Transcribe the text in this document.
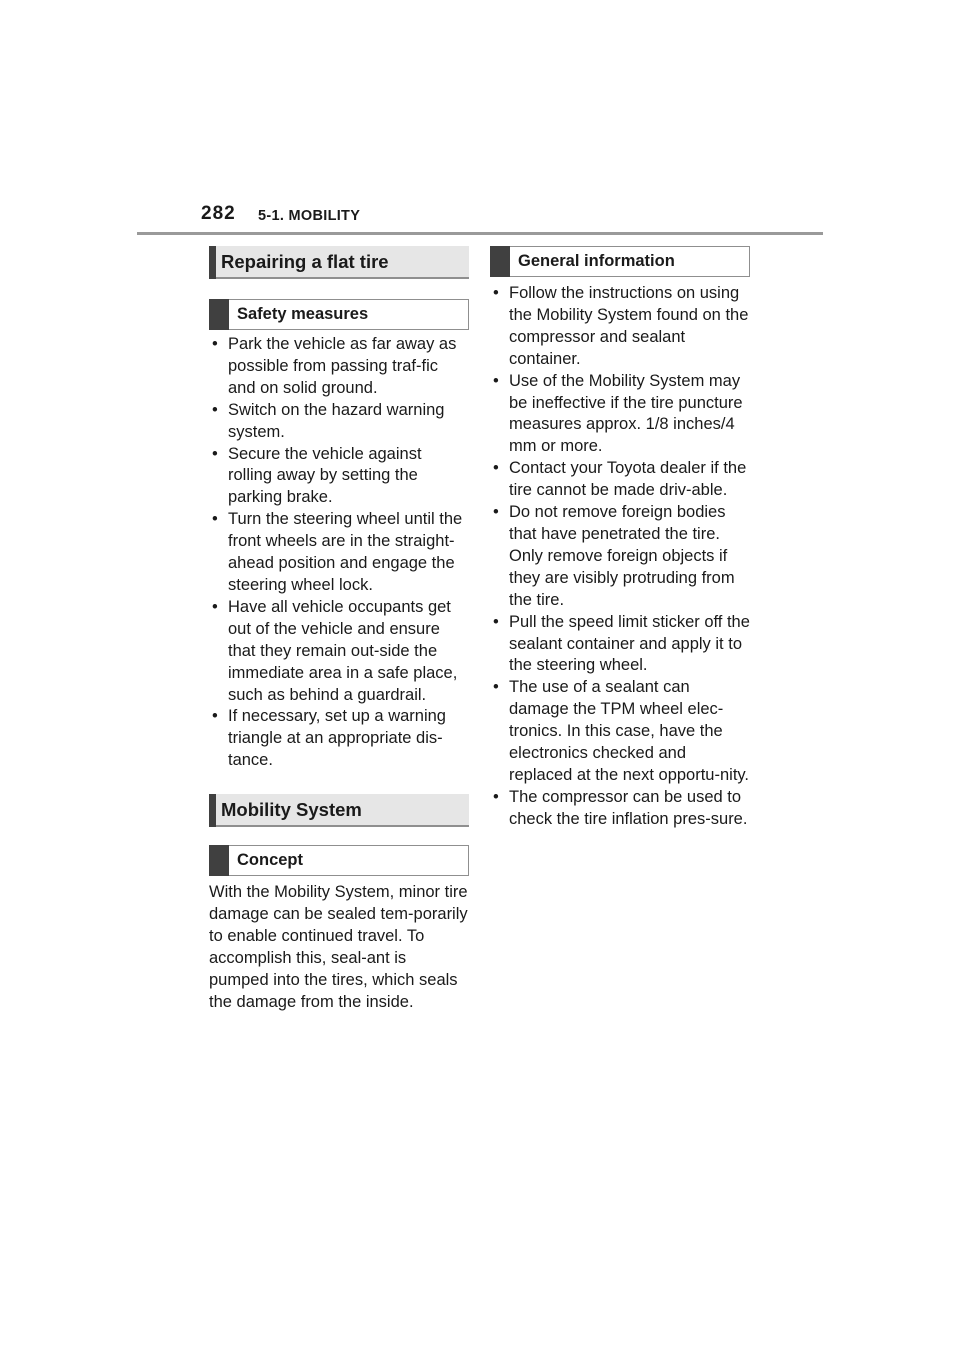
282 5-1. MOBILITY
Repairing a flat tire
Safety measures
• Park the vehicle as far away as possible from passing traf-fic and on solid ground.
• Switch on the hazard warning system.
• Secure the vehicle against rolling away by setting the parking brake.
• Turn the steering wheel until the front wheels are in the straight-ahead position and engage the steering wheel lock.
• Have all vehicle occupants get out of the vehicle and ensure that they remain out-side the immediate area in a safe place, such as behind a guardrail.
• If necessary, set up a warning triangle at an appropriate dis-tance.
Mobility System
Concept

With the Mobility System, minor tire damage can be sealed tem-porarily to enable continued travel. To accomplish this, seal-ant is pumped into the tires, which seals the damage from the inside.

General information
• Follow the instructions on using the Mobility System found on the compressor and sealant container.
• Use of the Mobility System may be ineffective if the tire puncture measures approx. 1/8 inches/4 mm or more.
• Contact your Toyota dealer if the tire cannot be made driv-able.
• Do not remove foreign bodies that have penetrated the tire. Only remove foreign objects if they are visibly protruding from the tire.
• Pull the speed limit sticker off the sealant container and apply it to the steering wheel.
• The use of a sealant can damage the TPM wheel elec-tronics. In this case, have the electronics checked and replaced at the next opportu-nity.
• The compressor can be used to check the tire inflation pres-sure.
